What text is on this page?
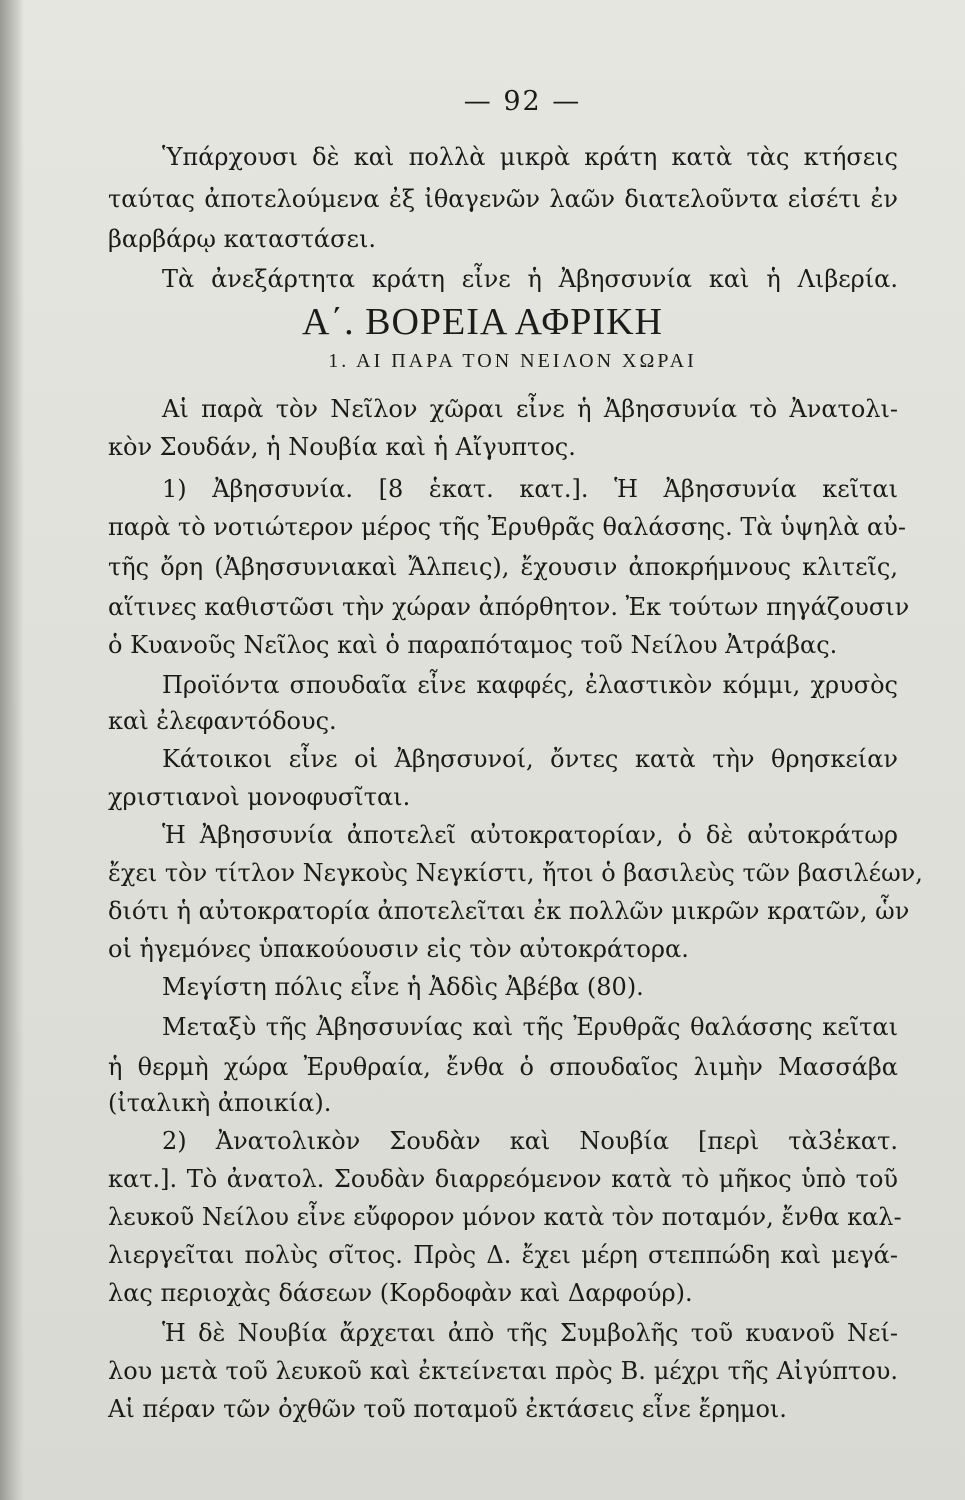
— 92 —
Ὑπάρχουσι δὲ καὶ πολλὰ μικρὰ κράτη κατὰ τὰς κτήσεις
ταύτας ἀποτελούμενα ἐξ ἰθαγενῶν λαῶν διατελοῦντα εἰσέτι ἐν
βαρβάρῳ καταστάσει.
Τὰ ἀνεξάρτητα κράτη εἶνε ἡ Ἀβησσυνία καὶ ἡ Λιβερία.
Α΄. ΒΟΡΕΙΑ ΑΦΡΙΚΗ
1. ΑΙ ΠΑΡΑ ΤΟΝ ΝΕΙΛΟΝ ΧΩΡΑΙ
Αἱ παρὰ τὸν Νεῖλον χῶραι εἶνε ἡ Ἀβησσυνία τὸ Ἀνατολι-
κὸν Σουδάν, ἡ Νουβία καὶ ἡ Αἴγυπτος.
1) Ἀβησσυνία. [8 ἑκατ. κατ.]. Ἡ Ἀβησσυνία κεῖται
παρὰ τὸ νοτιώτερον μέρος τῆς Ἐρυθρᾶς θαλάσσης. Τὰ ὑψηλὰ αὐ-
τῆς ὄρη (Ἀβησσυνιακαὶ Ἄλπεις), ἔχουσιν ἀποκρήμνους κλιτεῖς,
αἵτινες καθιστῶσι τὴν χώραν ἀπόρθητον. Ἐκ τούτων πηγάζουσιν
ὁ Κυανοῦς Νεῖλος καὶ ὁ παραπόταμος τοῦ Νείλου Ἀτράβας.
Προϊόντα σπουδαῖα εἶνε καφφές, ἐλαστικὸν κόμμι, χρυσὸς
καὶ ἐλεφαντόδους.
Κάτοικοι εἶνε οἱ Ἀβησσυνοί, ὄντες κατὰ τὴν θρησκείαν
χριστιανοὶ μονοφυσῖται.
Ἡ Ἀβησσυνία ἀποτελεῖ αὐτοκρατορίαν, ὁ δὲ αὐτοκράτωρ
ἔχει τὸν τίτλον Νεγκοὺς Νεγκίστι, ἤτοι ὁ βασιλεὺς τῶν βασιλέων,
διότι ἡ αὐτοκρατορία ἀποτελεῖται ἐκ πολλῶν μικρῶν κρατῶν, ὧν
οἱ ἡγεμόνες ὑπακούουσιν εἰς τὸν αὐτοκράτορα.
Μεγίστη πόλις εἶνε ἡ Ἀδδὶς Ἀβέβα (80).
Μεταξὺ τῆς Ἀβησσυνίας καὶ τῆς Ἐρυθρᾶς θαλάσσης κεῖται
ἡ θερμὴ χώρα Ἐρυθραία, ἔνθα ὁ σπουδαῖος λιμὴν Μασσάβα
(ἰταλικὴ ἀποικία).
2) Ἀνατολικὸν Σουδὰν καὶ Νουβία [περὶ τὰ3ἑκατ.
κατ.]. Τὸ ἀνατολ. Σουδὰν διαρρεόμενον κατὰ τὸ μῆκος ὑπὸ τοῦ
λευκοῦ Νείλου εἶνε εὔφορον μόνον κατὰ τὸν ποταμόν, ἔνθα καλ-
λιεργεῖται πολὺς σῖτος. Πρὸς Δ. ἔχει μέρη στεππώδη καὶ μεγά-
λας περιοχὰς δάσεων (Κορδοφὰν καὶ Δαρφούρ).
Ἡ δὲ Νουβία ἄρχεται ἀπὸ τῆς Συμβολῆς τοῦ κυανοῦ Νεί-
λου μετὰ τοῦ λευκοῦ καὶ ἐκτείνεται πρὸς Β. μέχρι τῆς Αἰγύπτου.
Αἱ πέραν τῶν ὀχθῶν τοῦ ποταμοῦ ἐκτάσεις εἶνε ἔρημοι.
